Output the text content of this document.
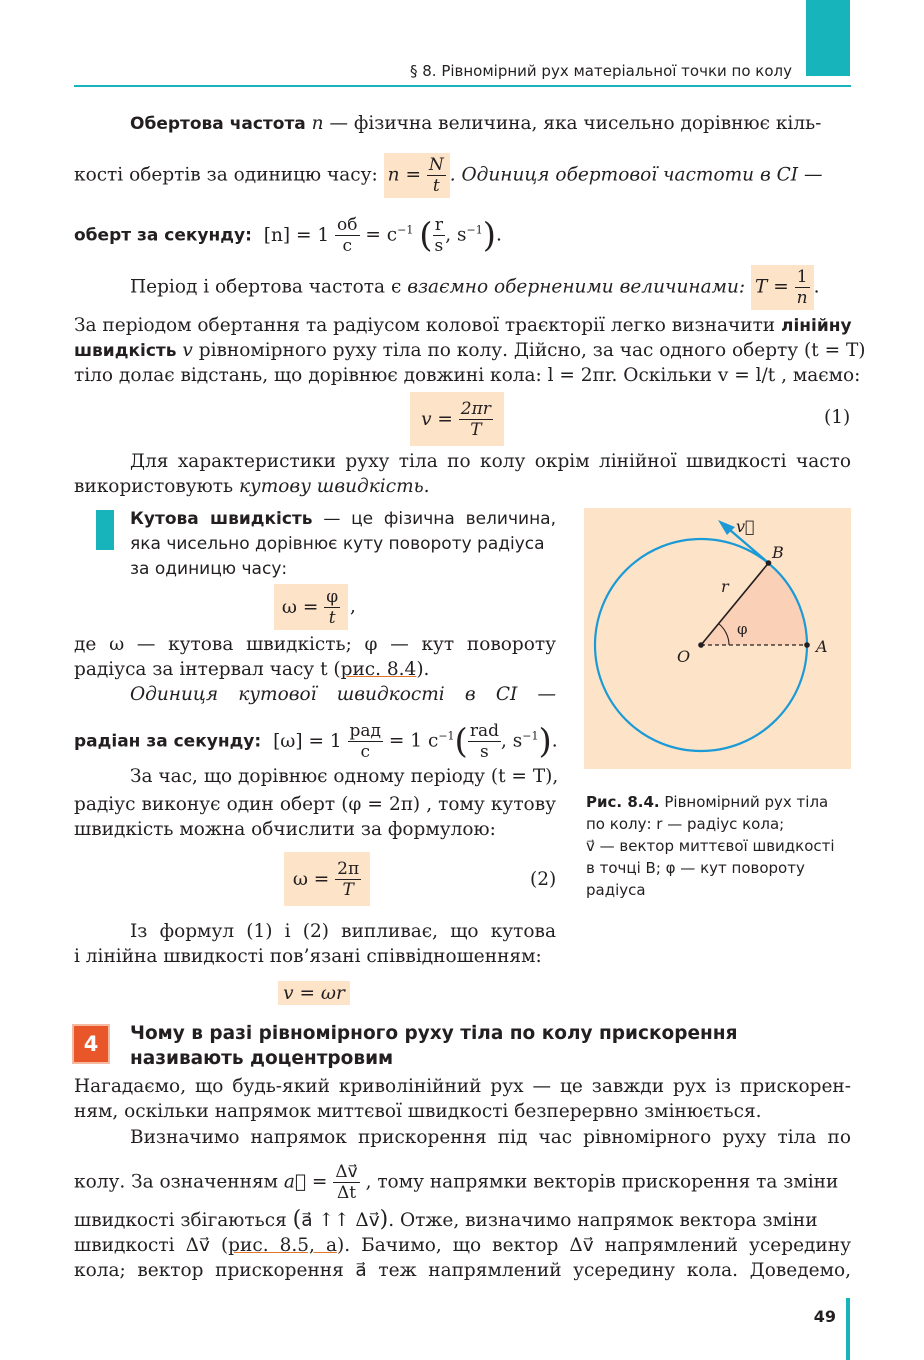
§ 8. Рівномірний рух матеріальної точки по колу
Обертова частота n — фізична величина, яка чисельно дорівнює кіль-
кості обертів за одиницю часу: $n = \frac{N}{t}$ . Одиниця обертової частоти в СІ —
оберт за секунду: $[n] = 1 \frac{об}{с} = с^{-1}$ ( $\frac{r}{s}$ , $s^{-1}$).
Період і обертова частота є взаємно оберненими величинами: $T = \frac{1}{n}$ .
За періодом обертання та радіусом колової траєкторії легко визначити лінійну
швидкість v рівномірного руху тіла по колу. Дійсно, за час одного оберту (t = T)
тіло долає відстань, що дорівнює довжині кола: l = 2πr. Оскільки v = l/t , маємо:
v =
$\frac{2\pi r}{T}$	(1)
Для характеристики руху тіла по колу окрім лінійної швидкості часто
використовують кутову швидкість.
Кутова швидкість — це фізична величина,
яка чисельно дорівнює куту повороту радіуса
за одиницю часу:
ω =
$\frac{\varphi}{t}$ ,
де ω — кутова швидкість; φ — кут повороту
радіуса за інтервал часу t (рис. 8.4).
Одиниця кутової швидкості в СІ —
радіан за секунду: $[\omega] = 1 \frac{\text{рад}}{с} = 1$ $с^{-1}( \frac{\text{rad}}{s}$ , $s^{-1}$).
За час, що дорівнює одному періоду (t = T),
радіус виконує один оберт (φ = 2π) , тому кутову
швидкість можна обчислити за формулою:
ω =
$\frac{2\pi}{T}$	(2)
Із формул (1) і (2) випливає, що кутова
і лінійна швидкості пов’язані співвідношенням:
v = ωr
v⃗
B
r
φ
O
A
Рис. 8.4. Рівномірний рух тіла
по колу: r — радіус кола;
v⃗ — вектор миттєвої швидкості
в точці B; φ — кут повороту
радіуса
4	Чому в разі рівномірного руху тіла по колу прискорення
називають доцентровим
Нагадаємо, що будь-який криволінійний рух — це завжди рух із прискорен-
ням, оскільки напрямок миттєвої швидкості безперервно змінюється.
Визначимо напрямок прискорення під час рівномірного руху тіла по
колу. За означенням a⃗ = $\frac{\Delta v⃗}{\Delta t}$ , тому напрямки векторів прискорення та зміни
швидкості збігаються (a⃗ ↑↑ Δv⃗). Отже, визначимо напрямок вектора зміни
швидкості Δv⃗ (рис. 8.5, а). Бачимо, що вектор Δv⃗ напрямлений усередину
кола; вектор прискорення a⃗ теж напрямлений усередину кола. Доведемо,
49
